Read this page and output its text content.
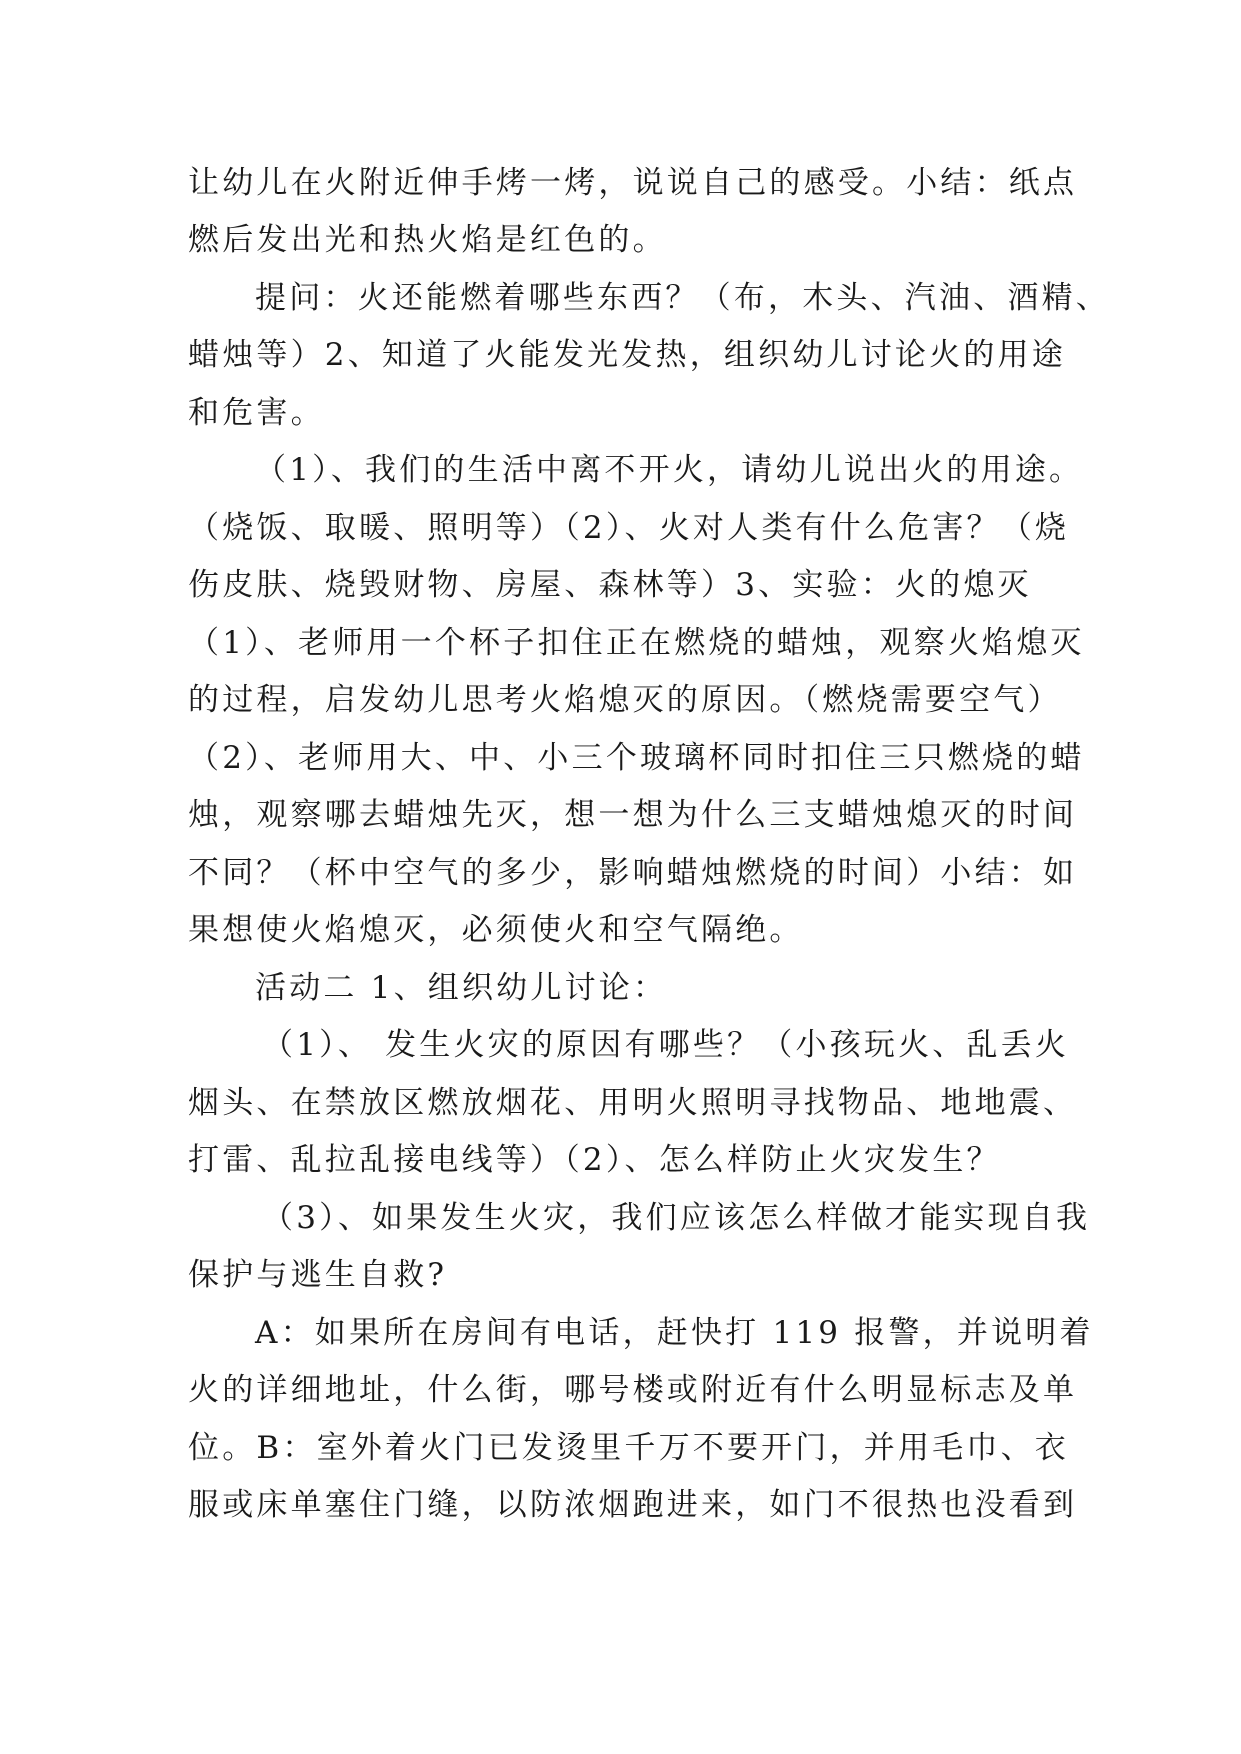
让幼儿在火附近伸手烤一烤，说说自己的感受。小结：纸点
燃后发出光和热火焰是红色的。
提问：火还能燃着哪些东西？（布，木头、汽油、酒精、
蜡烛等）2、知道了火能发光发热，组织幼儿讨论火的用途
和危害。
（1）、我们的生活中离不开火，请幼儿说出火的用途。
（烧饭、取暖、照明等）（2）、火对人类有什么危害？（烧
伤皮肤、烧毁财物、房屋、森林等）3、实验：火的熄灭
（1）、老师用一个杯子扣住正在燃烧的蜡烛，观察火焰熄灭
的过程，启发幼儿思考火焰熄灭的原因。（燃烧需要空气）
（2）、老师用大、中、小三个玻璃杯同时扣住三只燃烧的蜡
烛，观察哪去蜡烛先灭，想一想为什么三支蜡烛熄灭的时间
不同？（杯中空气的多少，影响蜡烛燃烧的时间）小结：如
果想使火焰熄灭，必须使火和空气隔绝。
活动二 1、组织幼儿讨论：
（1）、 发生火灾的原因有哪些？（小孩玩火、乱丢火
烟头、在禁放区燃放烟花、用明火照明寻找物品、地地震、
打雷、乱拉乱接电线等）（2）、怎么样防止火灾发生？
（3）、如果发生火灾，我们应该怎么样做才能实现自我
保护与逃生自救?
A：如果所在房间有电话，赶快打 119 报警，并说明着
火的详细地址，什么街，哪号楼或附近有什么明显标志及单
位。B：室外着火门已发烫里千万不要开门，并用毛巾、衣
服或床单塞住门缝，以防浓烟跑进来，如门不很热也没看到
